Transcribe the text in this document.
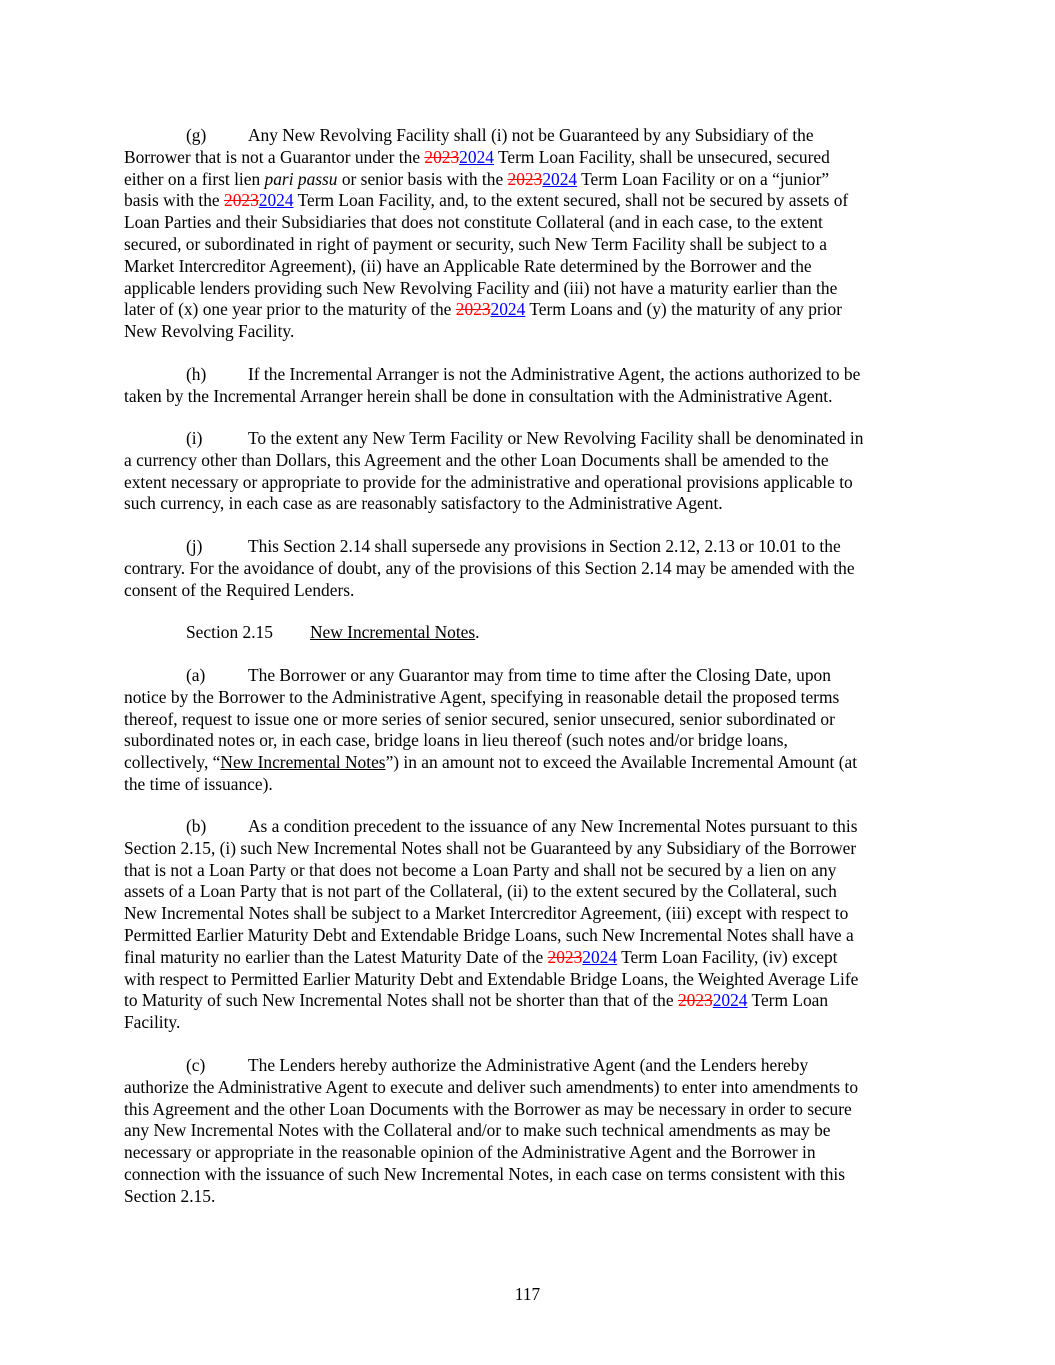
(g) Any New Revolving Facility shall (i) not be Guaranteed by any Subsidiary of the
Borrower that is not a Guarantor under the 20232024 Term Loan Facility, shall be unsecured, secured
either on a first lien pari passu or senior basis with the 20232024 Term Loan Facility or on a “junior”
basis with the 20232024 Term Loan Facility, and, to the extent secured, shall not be secured by assets of
Loan Parties and their Subsidiaries that does not constitute Collateral (and in each case, to the extent
secured, or subordinated in right of payment or security, such New Term Facility shall be subject to a
Market Intercreditor Agreement), (ii) have an Applicable Rate determined by the Borrower and the
applicable lenders providing such New Revolving Facility and (iii) not have a maturity earlier than the
later of (x) one year prior to the maturity of the 20232024 Term Loans and (y) the maturity of any prior
New Revolving Facility.
(h) If the Incremental Arranger is not the Administrative Agent, the actions authorized to be
taken by the Incremental Arranger herein shall be done in consultation with the Administrative Agent.
(i)	To the extent any New Term Facility or New Revolving Facility shall be denominated in
a currency other than Dollars, this Agreement and the other Loan Documents shall be amended to the
extent necessary or appropriate to provide for the administrative and operational provisions applicable to
such currency, in each case as are reasonably satisfactory to the Administrative Agent.
(j)	This Section 2.14 shall supersede any provisions in Section 2.12, 2.13 or 10.01 to the
contrary. For the avoidance of doubt, any of the provisions of this Section 2.14 may be amended with the
consent of the Required Lenders.
Section 2.15 New Incremental Notes.
(a) The Borrower or any Guarantor may from time to time after the Closing Date, upon
notice by the Borrower to the Administrative Agent, specifying in reasonable detail the proposed terms
thereof, request to issue one or more series of senior secured, senior unsecured, senior subordinated or
subordinated notes or, in each case, bridge loans in lieu thereof (such notes and/or bridge loans,
collectively, “New Incremental Notes”) in an amount not to exceed the Available Incremental Amount (at
the time of issuance).
(b) As a condition precedent to the issuance of any New Incremental Notes pursuant to this
Section 2.15, (i) such New Incremental Notes shall not be Guaranteed by any Subsidiary of the Borrower
that is not a Loan Party or that does not become a Loan Party and shall not be secured by a lien on any
assets of a Loan Party that is not part of the Collateral, (ii) to the extent secured by the Collateral, such
New Incremental Notes shall be subject to a Market Intercreditor Agreement, (iii) except with respect to
Permitted Earlier Maturity Debt and Extendable Bridge Loans, such New Incremental Notes shall have a
final maturity no earlier than the Latest Maturity Date of the 20232024 Term Loan Facility, (iv) except
with respect to Permitted Earlier Maturity Debt and Extendable Bridge Loans, the Weighted Average Life
to Maturity of such New Incremental Notes shall not be shorter than that of the 20232024 Term Loan
Facility.
(c) The Lenders hereby authorize the Administrative Agent (and the Lenders hereby
authorize the Administrative Agent to execute and deliver such amendments) to enter into amendments to
this Agreement and the other Loan Documents with the Borrower as may be necessary in order to secure
any New Incremental Notes with the Collateral and/or to make such technical amendments as may be
necessary or appropriate in the reasonable opinion of the Administrative Agent and the Borrower in
connection with the issuance of such New Incremental Notes, in each case on terms consistent with this
Section 2.15.
117
